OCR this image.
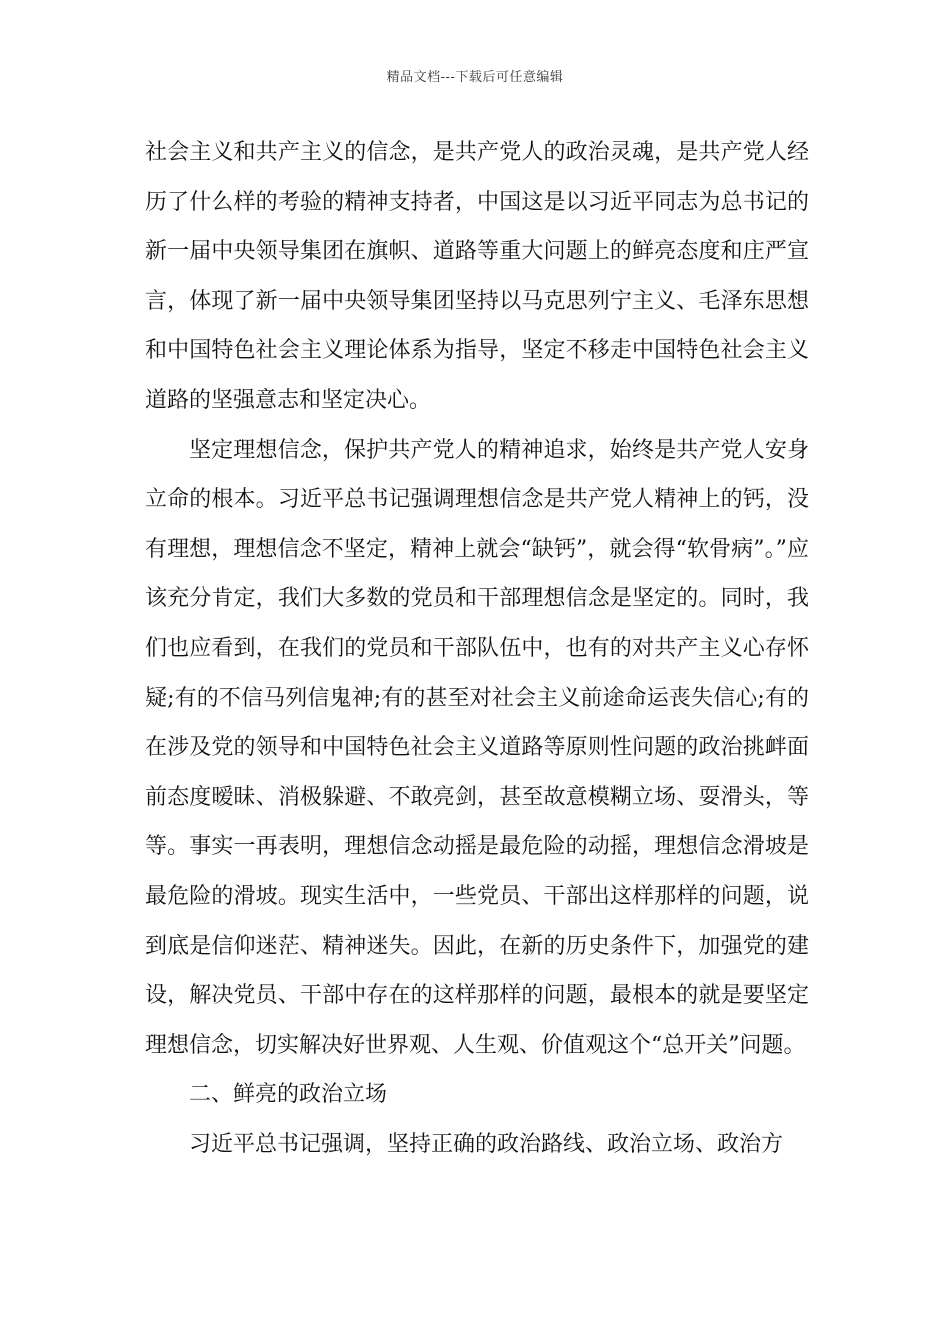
精品文档---下载后可任意编辑

社会主义和共产主义的信念，是共产党人的政治灵魂，是共产党人经历了什么样的考验的精神支持者，中国这是以习近平同志为总书记的新一届中央领导集团在旗帜、道路等重大问题上的鲜亮态度和庄严宣言，体现了新一届中央领导集团坚持以马克思列宁主义、毛泽东思想和中国特色社会主义理论体系为指导，坚定不移走中国特色社会主义道路的坚强意志和坚定决心。

坚定理想信念，保护共产党人的精神追求，始终是共产党人安身立命的根本。习近平总书记强调理想信念是共产党人精神上的钙，没有理想，理想信念不坚定，精神上就会“缺钙”，就会得“软骨病”。”应该充分肯定，我们大多数的党员和干部理想信念是坚定的。同时，我们也应看到，在我们的党员和干部队伍中，也有的对共产主义心存怀疑;有的不信马列信鬼神;有的甚至对社会主义前途命运丧失信心;有的在涉及党的领导和中国特色社会主义道路等原则性问题的政治挑衅面前态度暧昧、消极躲避、不敢亮剑，甚至故意模糊立场、耍滑头，等等。事实一再表明，理想信念动摇是最危险的动摇，理想信念滑坡是最危险的滑坡。现实生活中，一些党员、干部出这样那样的问题，说到底是信仰迷茫、精神迷失。因此，在新的历史条件下，加强党的建设，解决党员、干部中存在的这样那样的问题，最根本的就是要坚定理想信念，切实解决好世界观、人生观、价值观这个“总开关”问题。

二、鲜亮的政治立场

习近平总书记强调，坚持正确的政治路线、政治立场、政治方
